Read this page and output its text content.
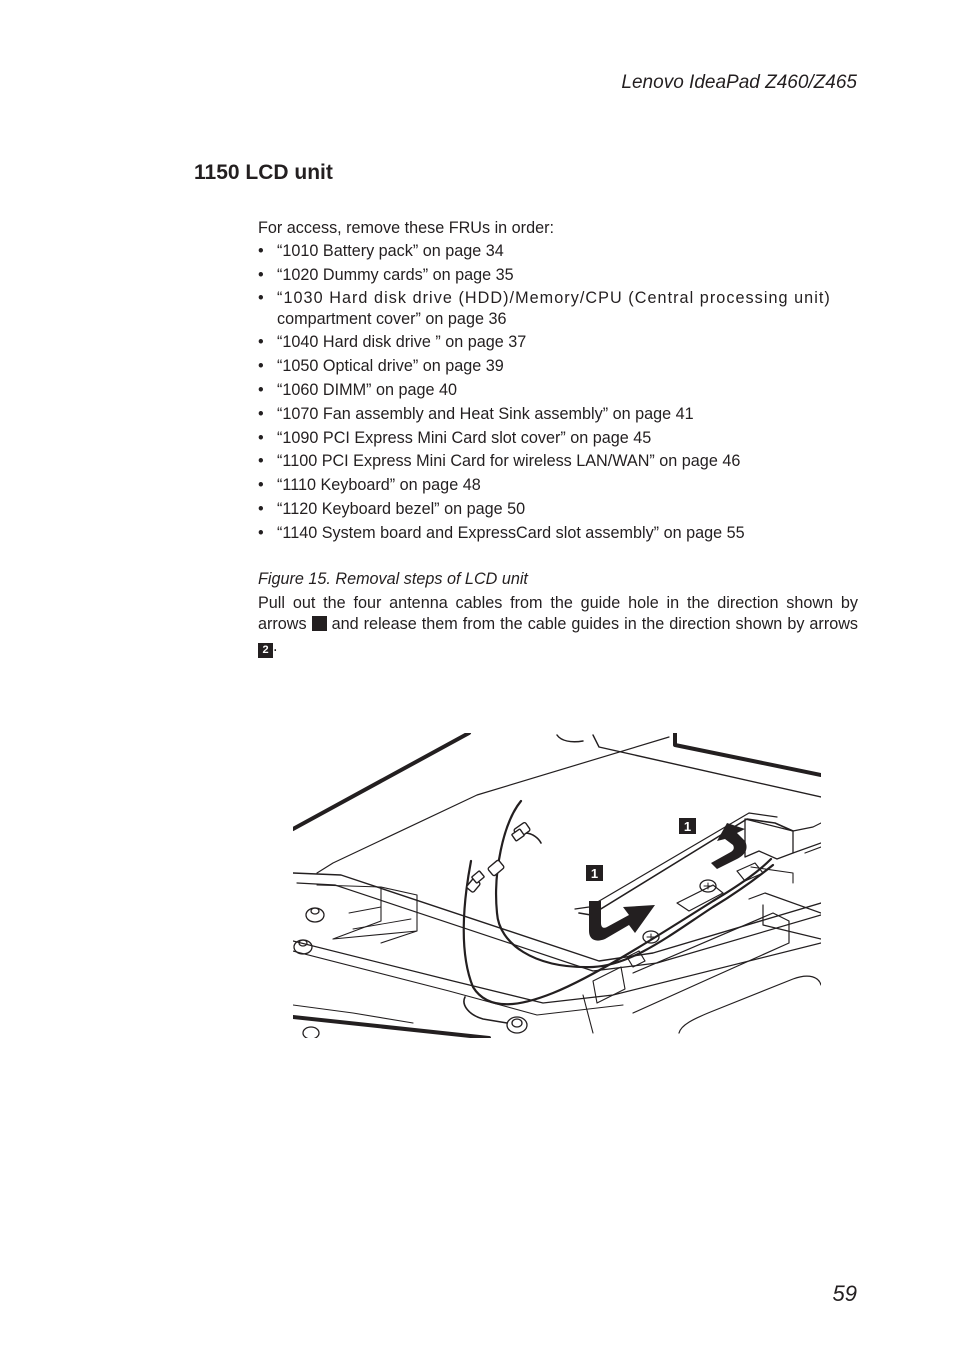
Lenovo IdeaPad Z460/Z465
1150 LCD unit

For access, remove these FRUs in order:

• “1010 Battery pack” on page 34
• “1020 Dummy cards” on page 35
• “1030 Hard disk drive (HDD)/Memory/CPU (Central processing unit)
compartment cover” on page 36
• “1040 Hard disk drive ” on page 37
• “1050 Optical drive” on page 39
• “1060 DIMM” on page 40
• “1070 Fan assembly and Heat Sink assembly” on page 41
• “1090 PCI Express Mini Card slot cover” on page 45
• “1100 PCI Express Mini Card for wireless LAN/WAN” on page 46
• “1110 Keyboard” on page 48
• “1120 Keyboard bezel” on page 50
• “1140 System board and ExpressCard slot assembly” on page 55

Figure 15. Removal steps of LCD unit

Pull out the four antenna cables from the guide hole in the direction shown by arrows and release them from the cable guides in the direction shown by arrows 2 .

1
1
59
